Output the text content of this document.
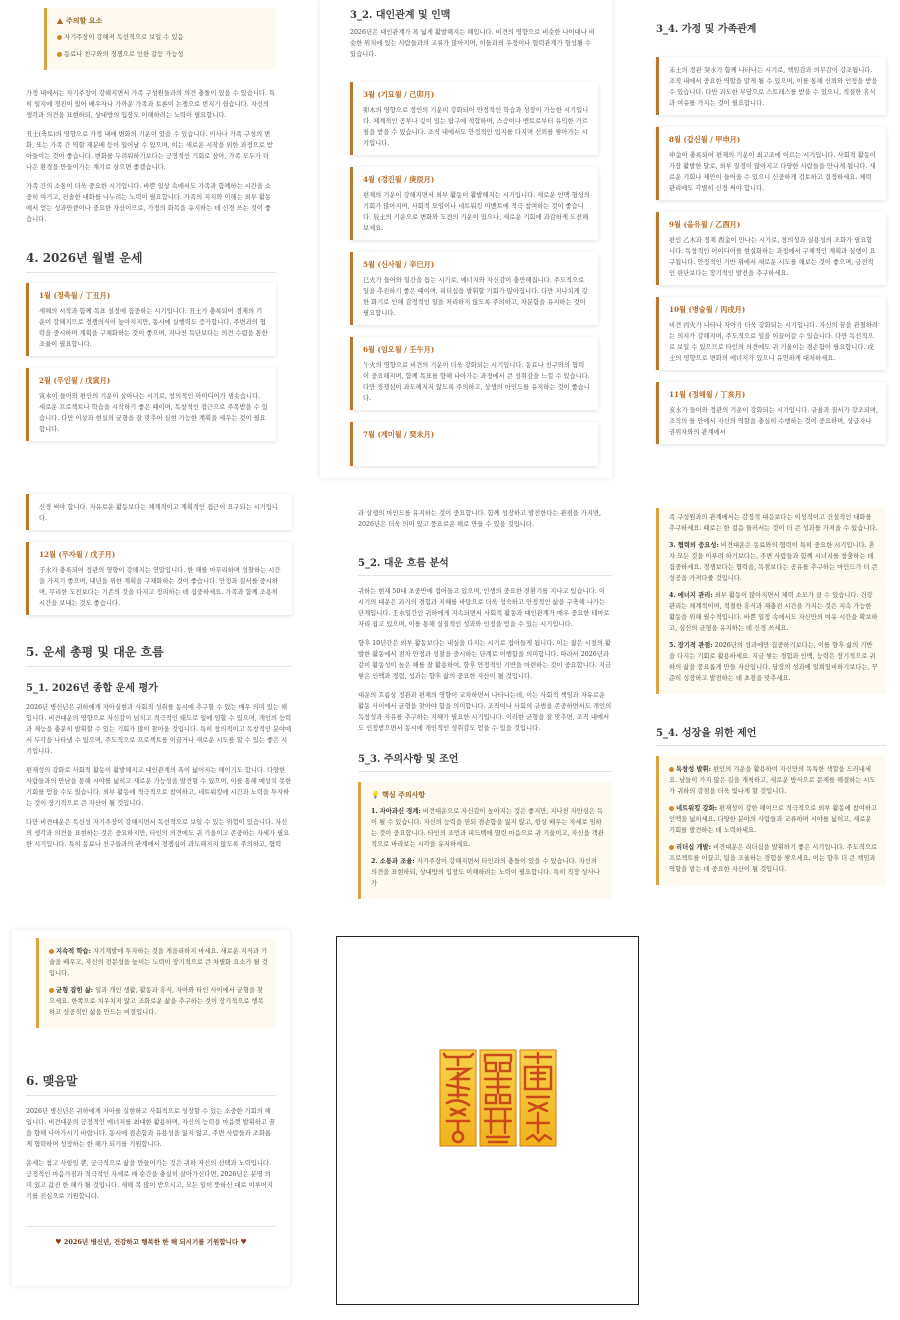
주의할 요소

자기주장이 강해져 독선적으로 보일 수 있음

동료나 친구와의 경쟁으로 인한 갈등 가능성

가정 내에서는 자기주장이 강해지면서 가족 구성원들과의 의견 충돌이 있을 수 있습니다. 특히 일지에 경진이 있어 배우자나 가까운 가족과 토론이 논쟁으로 번지기 쉽습니다. 자신의 생각과 의견을 표현하되, 상대방의 입장도 이해하려는 노력이 필요합니다.

丑土(축토)의 영향으로 가정 내에 변화의 기운이 있을 수 있습니다. 이사나 가족 구성의 변화, 또는 가족 간 역할 재분배 등이 일어날 수 있으며, 이는 새로운 시작을 위한 과정으로 받아들이는 것이 좋습니다. 변화를 두려워하기보다는 긍정적인 기회로 삼아, 가족 모두가 더 나은 환경을 만들어가는 계기로 삼으면 좋겠습니다.

가족 간의 소통이 더욱 중요한 시기입니다. 바쁜 일상 속에서도 가족과 함께하는 시간을 소중히 여기고, 진솔한 대화를 나누려는 노력이 필요합니다. 가족의 지지와 이해는 외부 활동에서 얻는 성과만큼이나 중요한 자산이므로, 가정의 화목을 유지하는 데 신경 쓰는 것이 좋습니다.

4. 2026년 월별 운세
1월 (정축월 / 丁丑月)

새해의 시작과 함께 목표 설정에 집중하는 시기입니다. 丑土가 충록되어 경제의 기운이 강해지므로 경쟁의식이 높아지지만, 동시에 실행력도 증가합니다. 주변과의 협력을 중시하며 계획을 구체화하는 것이 좋으며, 지나친 독단보다는 의견 수렴을 통한 조율이 필요합니다.

2월 (무인월 / 戊寅月)

寅木이 들어와 편인의 기운이 살아나는 시기로, 창의적인 아이디어가 샘솟습니다. 새로운 프로젝트나 학습을 시작하기 좋은 때이며, 독창적인 접근으로 주목받을 수 있습니다. 다만 이상과 현실의 균형을 잘 맞추어 실현 가능한 계획을 세우는 것이 필요합니다.

3_2. 대인관계 및 인맥

2026년은 대인관계가 폭 넓게 활발해지는 해입니다. 비견의 영향으로 비슷한 나이대나 비슷한 위치에 있는 사람들과의 교류가 많아지며, 이들과의 우정이나 협력관계가 형성될 수 있습니다.

3월 (기묘월 / 己卯月)

卯木의 영향으로 정인의 기운이 강화되어 안정적인 학습과 성장이 가능한 시기입니다. 체계적인 공부나 깊이 있는 탐구에 적합하며, 스승이나 멘토로부터 유익한 가르침을 받을 수 있습니다. 조직 내에서도 안정적인 입지를 다지며 신뢰를 쌓아가는 시기입니다.

4월 (경진월 / 庚辰月)

편재의 기운이 강해지면서 외부 활동이 활발해지는 시기입니다. 새로운 인맥 형성의 기회가 많아지며, 사회적 모임이나 네트워킹 이벤트에 적극 참여하는 것이 좋습니다. 辰土의 기운으로 변화와 도전의 기운이 있으나, 새로운 기회에 과감하게 도전해보세요.

5월 (신사월 / 辛巳月)

巳火가 들어와 일간을 돕는 시기로, 에너지와 자신감이 충만해집니다. 주도적으로 일을 추진하기 좋은 때이며, 리더십을 발휘할 기회가 많아집니다. 다만 지나치게 강한 화기로 인해 감정적인 일을 처리하지 않도록 주의하고, 차분함을 유지하는 것이 필요합니다.

6월 (임오월 / 壬午月)

午火의 영향으로 비견의 기운이 더욱 강화되는 시기입니다. 동료나 친구와의 협력이 중요해지며, 함께 목표를 향해 나아가는 과정에서 큰 성취감을 느낄 수 있습니다. 다만 경쟁심이 과도해지지 않도록 주의하고, 상생의 마인드를 유지하는 것이 좋습니다.

7월 (계미월 / 癸未月)
3_4. 가정 및 가족관계

未土의 정관 癸水가 함께 나타나는 시기로, 책임감과 의무감이 강조됩니다. 조직 내에서 중요한 역할을 맡게 될 수 있으며, 이를 통해 신뢰와 인정을 받을 수 있습니다. 다만 과도한 부담으로 스트레스를 받을 수 있으니, 적절한 휴식과 여유를 가지는 것이 필요합니다.

8월 (갑신월 / 甲申月)

申金이 충록되어 편재의 기운이 최고조에 이르는 시기입니다. 사회적 활동이 가장 활발한 달로, 외부 일정이 많아지고 다양한 사람들을 만나게 됩니다. 새로운 기회나 제안이 들어올 수 있으니 신중하게 검토하고 결정하세요. 체력 관리에도 각별히 신경 써야 합니다.

9월 (을유월 / 乙酉月)

편인 乙木과 정재 酉金이 만나는 시기로, 창의성과 실용성의 조화가 필요합니다. 독창적인 아이디어를 현실화하는 과정에서 구체적인 계획과 실행이 요구됩니다. 안정적인 기반 위에서 새로운 시도를 해보는 것이 좋으며, 금전적인 판단보다는 장기적인 발전을 추구하세요.

10월 (병술월 / 丙戌月)

비견 丙火가 나타나 자아가 더욱 강화되는 시기입니다. 자신의 꿈을 관철하려는 의지가 강해지며, 주도적으로 일을 이끌어갈 수 있습니다. 다만 독선적으로 보일 수 있으므로 타인의 의견에도 귀 기울이는 겸손함이 필요합니다. 戌土의 영향으로 변화의 에너지가 있으니 유연하게 대처하세요.

11월 (정해월 / 丁亥月)

亥水가 들어와 정관의 기운이 강화되는 시기입니다. 규율과 질서가 강조되며, 조직의 틀 안에서 자신의 역할을 충실히 수행하는 것이 중요하며, 상급자나 권위자와의 관계에서

신경 써야 합니다. 자유로운 활동보다는 체계적이고 계획적인 접근이 요구되는 시기입니다.

12월 (무자월 / 戊子月)

子水가 충록되어 정관의 영향이 강해지는 연말입니다. 한 해를 마무리하며 성찰하는 시간을 가지기 좋으며, 내년을 위한 계획을 구체화하는 것이 좋습니다. 안정과 질서를 중시하며, 무리한 도전보다는 기존의 것을 다지고 정리하는 데 집중하세요. 가족과 함께 조용히 시간을 보내는 것도 좋습니다.

5. 운세 총평 및 대운 흐름
5_1. 2026년 종합 운세 평가

2026년 병신년은 귀하에게 자아실현과 사회적 성취를 동시에 추구할 수 있는 매우 의미 있는 해입니다. 비견대운의 영향으로 자신감이 넘치고 적극적인 태도로 일에 임할 수 있으며, 개인의 능력과 재능을 충분히 발휘할 수 있는 기회가 많이 찾아올 것입니다. 특히 창의적이고 독창적인 분야에서 두각을 나타낼 수 있으며, 주도적으로 프로젝트를 이끌거나 새로운 시도를 할 수 있는 좋은 시기입니다.

편재성의 강화로 사회적 활동이 활발해지고 대인관계의 폭이 넓어지는 해이기도 합니다. 다양한 사람들과의 만남을 통해 시야를 넓히고 새로운 가능성을 발견할 수 있으며, 이를 통해 예상치 못한 기회를 얻을 수도 있습니다. 외부 활동에 적극적으로 참여하고, 네트워킹에 시간과 노력을 투자하는 것이 장기적으로 큰 자산이 될 것입니다.

다만 비견대운은 독선성 자기주장이 강해지면서 독선적으로 보일 수 있는 위험이 있습니다. 자신의 생각과 의견을 표현하는 것은 중요하지만, 타인의 의견에도 귀 기울이고 존중하는 자세가 필요한 시기입니다. 특히 동료나 친구들과의 관계에서 경쟁심이 과도해지지 않도록 주의하고, 협력

과 상생의 마인드를 유지하는 것이 중요합니다. 함께 성장하고 발전한다는 관점을 가지면, 2026년은 더욱 의미 있고 풍요로운 해로 만들 수 있을 것입니다.

5_2. 대운 흐름 분석

귀하는 현재 50대 초중반에 접어들고 있으며, 인생의 중요한 전환기를 지나고 있습니다. 이 시기의 대운은 과거의 경험과 지혜를 바탕으로 더욱 성숙하고 안정적인 삶을 구축해 나가는 단계입니다. 壬水일간인 귀하에게 지속되면서 사회적 활동과 대인관계가 매우 중요한 테마로 자리 잡고 있으며, 이를 통해 실질적인 성과와 인정을 얻을 수 있는 시기입니다.

향후 10년간은 외부 활동보다는 내실을 다지는 시기로 접어들게 됩니다. 이는 젊은 시절의 활발한 활동에서 점차 안정과 성찰을 중시하는 단계로 이행함을 의미합니다. 따라서 2026년과 같이 활동성이 높은 해를 잘 활용하여, 향후 안정적인 기반을 마련하는 것이 중요합니다. 지금 쌓은 인맥과 경험, 성과는 향후 삶의 중요한 자산이 될 것입니다.

대운의 흐름상 정관과 편재의 영향이 교차하면서 나타나는데, 이는 사회적 책임과 자유로운 활동 사이에서 균형을 찾아야 함을 의미합니다. 조직이나 사회의 규범을 존중하면서도 개인의 독창성과 자유를 추구하는 지혜가 필요한 시기입니다. 이러한 균형을 잘 맞추면, 조직 내에서도 인정받으면서 동시에 개인적인 성취감도 얻을 수 있을 것입니다.

5_3. 주의사항 및 조언
💡 핵심 주의사항

1. 자아과신 경계: 비견대운으로 자신감이 높아지는 것은 좋지만, 지나친 자만심은 독이 될 수 있습니다. 자신의 능력을 믿되 겸손함을 잃지 않고, 항상 배우는 자세로 임하는 것이 중요합니다. 타인의 조언과 피드백에 열린 마음으로 귀 기울이고, 자신을 객관적으로 바라보는 시각을 유지하세요.

2. 소통과 조율: 자기주장이 강해지면서 타인과의 충돌이 있을 수 있습니다. 자신의 의견을 표현하되, 상대방의 입장도 이해하려는 노력이 필요합니다. 특히 직장 상사나 가

족 구성원과의 관계에서는 감정적 대응보다는 이성적이고 건설적인 대화를 추구하세요. 때로는 한 걸음 물러서는 것이 더 큰 성과를 가져올 수 있습니다.

3. 협력의 중요성: 비견대운은 동료와의 협력이 특히 중요한 시기입니다. 혼자 모든 것을 이루려 하기보다는, 주변 사람들과 함께 시너지를 창출하는 데 집중하세요. 경쟁보다는 협력을, 독점보다는 공유를 추구하는 마인드가 더 큰 성공을 가져다줄 것입니다.

4. 에너지 관리: 외부 활동이 많아지면서 체력 소모가 클 수 있습니다. 건강 관리는 체계적이며, 적절한 휴식과 재충전 시간을 가지는 것은 지속 가능한 활동을 위해 필수적입니다. 바쁜 일정 속에서도 자신만의 여유 시간을 확보하고, 심신의 균형을 유지하는 데 신경 쓰세요.

5. 장기적 관점: 2026년의 성과에만 집중하기보다는, 이를 향후 삶의 기반을 다지는 기회로 활용하세요. 지금 쌓는 경험과 인맥, 능력은 장기적으로 귀하의 삶을 풍요롭게 만들 자산입니다. 당장의 성과에 일희일비하기보다는, 꾸준히 성장하고 발전하는 데 초점을 맞추세요.

5_4. 성장을 위한 제언

독창성 발휘: 편인의 기운을 활용하여 자신만의 독특한 색깔을 드러내세요. 남들이 가지 않은 길을 개척하고, 새로운 방식으로 문제를 해결하는 시도가 귀하의 강점을 더욱 빛나게 할 것입니다.

네트워킹 강화: 편재성이 강한 해이므로 적극적으로 외부 활동에 참여하고 인맥을 넓히세요. 다양한 분야의 사람들과 교류하며 시야를 넓히고, 새로운 기회를 발견하는 데 노력하세요.

리더십 개발: 비견대운은 리더십을 발휘하기 좋은 시기입니다. 주도적으로 프로젝트를 이끌고, 팀을 조율하는 경험을 쌓으세요. 이는 향후 더 큰 책임과 역할을 맡는 데 중요한 자산이 될 것입니다.

지속적 학습: 자기계발에 투자하는 것을 게을리하지 마세요. 새로운 지식과 기술을 배우고, 자신의 전문성을 높이는 노력이 장기적으로 큰 차별화 요소가 될 것입니다.

균형 잡힌 삶: 일과 개인 생활, 활동과 휴식, 자아와 타인 사이에서 균형을 찾으세요. 한쪽으로 치우치지 않고 조화로운 삶을 추구하는 것이 장기적으로 행복하고 성공적인 삶을 만드는 비결입니다.

6. 맺음말

2026년 병신년은 귀하에게 자아를 실현하고 사회적으로 성장할 수 있는 소중한 기회의 해입니다. 비견대운의 긍정적인 에너지를 최대한 활용하며, 자신의 능력을 마음껏 발휘하고 꿈을 향해 나아가시기 바랍니다. 동시에 겸손함과 유용성을 잃지 않고, 주변 사람들과 조화롭게 협력하며 성장하는 한 해가 되기를 기원합니다.

운세는 참고 사항일 뿐, 궁극적으로 삶을 만들어가는 것은 귀하 자신의 선택과 노력입니다. 긍정적인 마음가짐과 적극적인 자세로 매 순간을 충실히 살아가신다면, 2026년은 분명 의미 있고 값진 한 해가 될 것입니다. 새해 복 많이 받으시고, 모든 일이 뜻하신 대로 이루어지기를 진심으로 기원합니다.

♥ 2026년 병신년, 건강하고 행복한 한 해 되시기를 기원합니다 ♥
